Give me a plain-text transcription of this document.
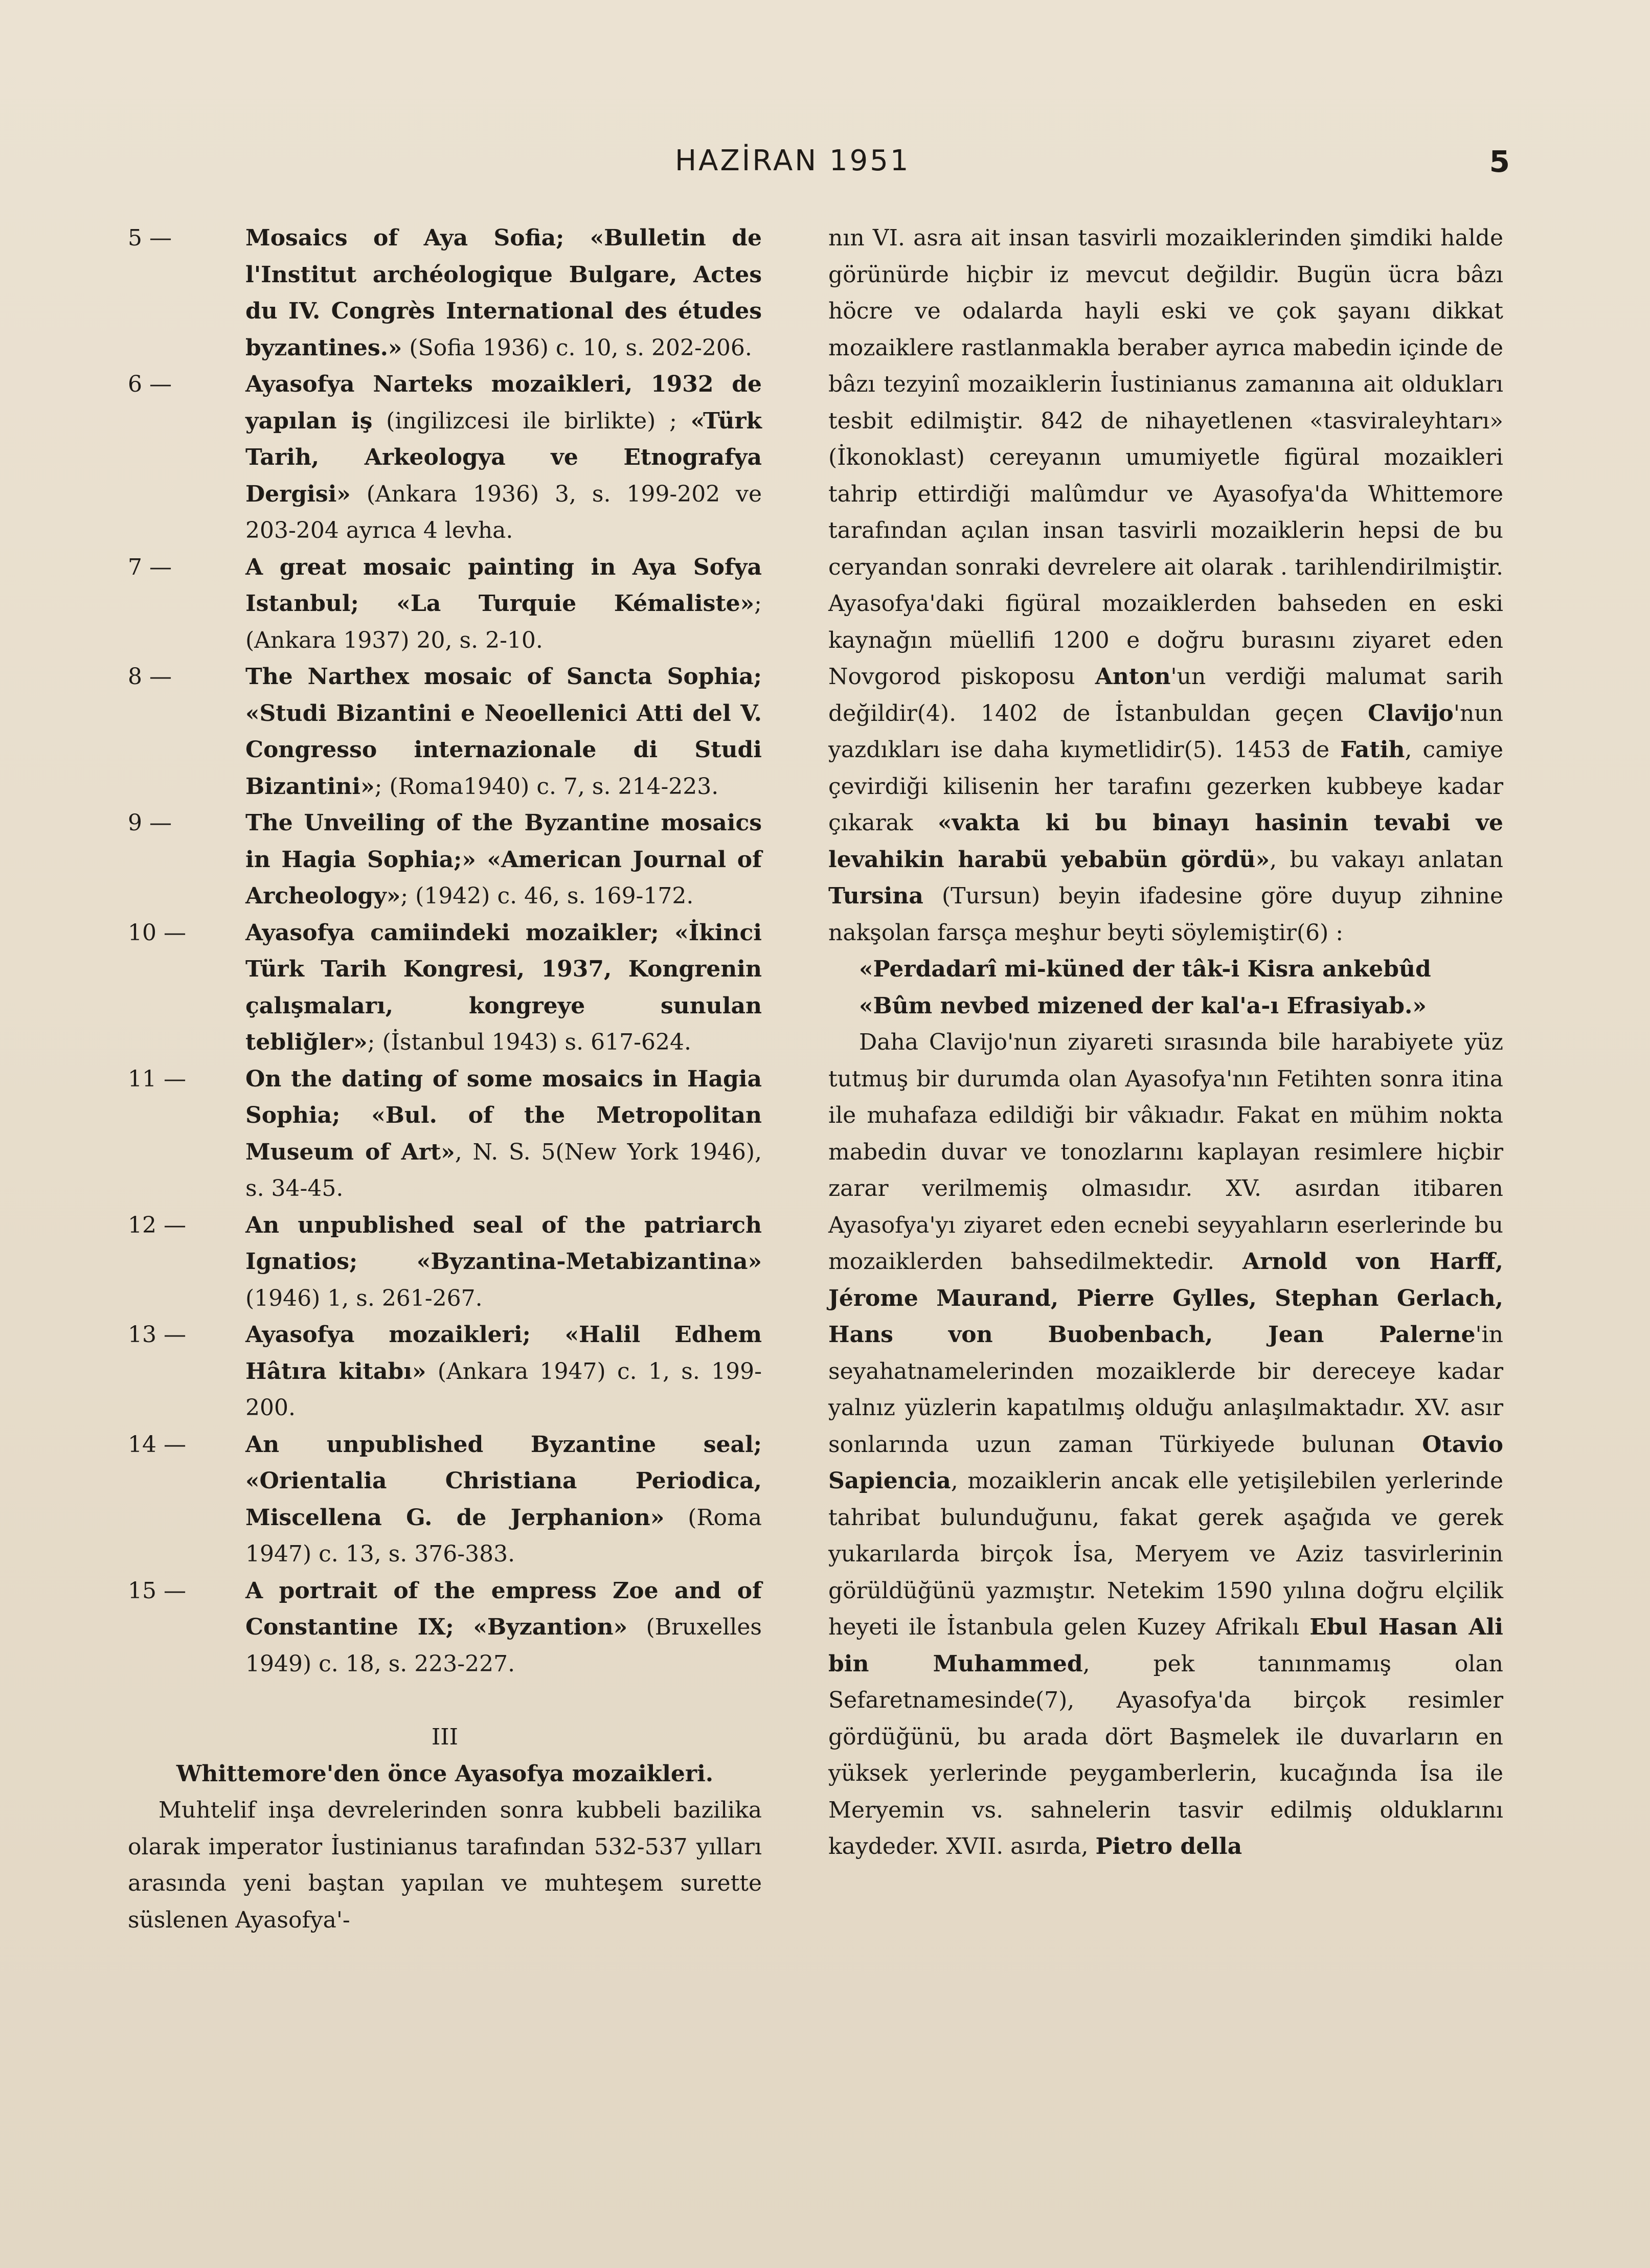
HAZİRAN 1951	5
5 —	Mosaics of Aya Sofia; «Bulletin de l'Institut archéologique Bulgare, Actes du IV. Congrès International des études byzantines.» (Sofia 1936) c. 10, s. 202-206.
6 —	Ayasofya Narteks mozaikleri, 1932 de yapılan iş (ingilizcesi ile birlikte) ; «Türk Tarih, Arkeologya ve Etnografya Dergisi» (Ankara 1936) 3, s. 199-202 ve 203-204 ayrıca 4 levha.
7 —	A great mosaic painting in Aya Sofya Istanbul; «La Turquie Kémaliste»; (Ankara 1937) 20, s. 2-10.
8 —	The Narthex mosaic of Sancta Sophia; «Studi Bizantini e Neoellenici Atti del V. Congresso internazionale di Studi Bizantini»; (Roma1940) c. 7, s. 214-223.
9 —	The Unveiling of the Byzantine mosaics in Hagia Sophia;» «American Journal of Archeology»; (1942) c. 46, s. 169-172.
10 —	Ayasofya camiindeki mozaikler; «İkinci Türk Tarih Kongresi, 1937, Kongrenin çalışmaları, kongreye sunulan tebliğler»; (İstanbul 1943) s. 617-624.
11 —	On the dating of some mosaics in Hagia Sophia; «Bul. of the Metropolitan Museum of Art», N. S. 5(New York 1946), s. 34-45.
12 —	An unpublished seal of the patriarch Ignatios; «Byzantina-Metabizantina» (1946) 1, s. 261-267.
13 —	Ayasofya mozaikleri; «Halil Edhem Hâtıra kitabı» (Ankara 1947) c. 1, s. 199-200.
14 —	An unpublished Byzantine seal; «Orientalia Christiana Periodica, Miscellena G. de Jerphanion» (Roma 1947) c. 13, s. 376-383.
15 —	A portrait of the empress Zoe and of Constantine IX; «Byzantion» (Bruxelles 1949) c. 18, s. 223-227.
III
Whittemore'den önce Ayasofya mozaikleri.

Muhtelif inşa devrelerinden sonra kubbeli bazilika olarak imperator İustinianus tarafından 532-537 yılları arasında yeni baştan yapılan ve muhteşem surette süslenen Ayasofya'-

nın VI. asra ait insan tasvirli mozaiklerinden şimdiki halde görünürde hiçbir iz mevcut değildir. Bugün ücra bâzı höcre ve odalarda hayli eski ve çok şayanı dikkat mozaiklere rastlanmakla beraber ayrıca mabedin içinde de bâzı tezyinî mozaiklerin İustinianus zamanına ait oldukları tesbit edilmiştir. 842 de nihayetlenen «tasviraleyhtarı» (İkonoklast) cereyanın umumiyetle figüral mozaikleri tahrip ettirdiği malûmdur ve Ayasofya'da Whittemore tarafından açılan insan tasvirli mozaiklerin hepsi de bu ceryandan sonraki devrelere ait olarak . tarihlendirilmiştir. Ayasofya'daki figüral mozaiklerden bahseden en eski kaynağın müellifi 1200 e doğru burasını ziyaret eden Novgorod piskoposu Anton'un verdiği malumat sarih değildir(4). 1402 de İstanbuldan geçen Clavijo'nun yazdıkları ise daha kıymetlidir(5). 1453 de Fatih, camiye çevirdiği kilisenin her tarafını gezerken kubbeye kadar çıkarak «vakta ki bu binayı hasinin tevabi ve levahikin harabü yebabün gördü», bu vakayı anlatan Tursina (Tursun) beyin ifadesine göre duyup zihnine nakşolan farsça meşhur beyti söylemiştir(6) :

«Perdadarî mi-küned der tâk-i Kisra ankebûd
«Bûm nevbed mizened der kal'a-ı Efrasiyab.»

Daha Clavijo'nun ziyareti sırasında bile harabiyete yüz tutmuş bir durumda olan Ayasofya'nın Fetihten sonra itina ile muhafaza edildiği bir vâkıadır. Fakat en mühim nokta mabedin duvar ve tonozlarını kaplayan resimlere hiçbir zarar verilmemiş olmasıdır. XV. asırdan itibaren Ayasofya'yı ziyaret eden ecnebi seyyahların eserlerinde bu mozaiklerden bahsedilmektedir. Arnold von Harff, Jérome Maurand, Pierre Gylles, Stephan Gerlach, Hans von Buobenbach, Jean Palerne'in seyahatnamelerinden mozaiklerde bir dereceye kadar yalnız yüzlerin kapatılmış olduğu anlaşılmaktadır. XV. asır sonlarında uzun zaman Türkiyede bulunan Otavio Sapiencia, mozaiklerin ancak elle yetişilebilen yerlerinde tahribat bulunduğunu, fakat gerek aşağıda ve gerek yukarılarda birçok İsa, Meryem ve Aziz tasvirlerinin görüldüğünü yazmıştır. Netekim 1590 yılına doğru elçilik heyeti ile İstanbula gelen Kuzey Afrikalı Ebul Hasan Ali bin Muhammed, pek tanınmamış olan Sefaretnamesinde(7), Ayasofya'da birçok resimler gördüğünü, bu arada dört Başmelek ile duvarların en yüksek yerlerinde peygamberlerin, kucağında İsa ile Meryemin vs. sahnelerin tasvir edilmiş olduklarını kaydeder. XVII. asırda, Pietro della
